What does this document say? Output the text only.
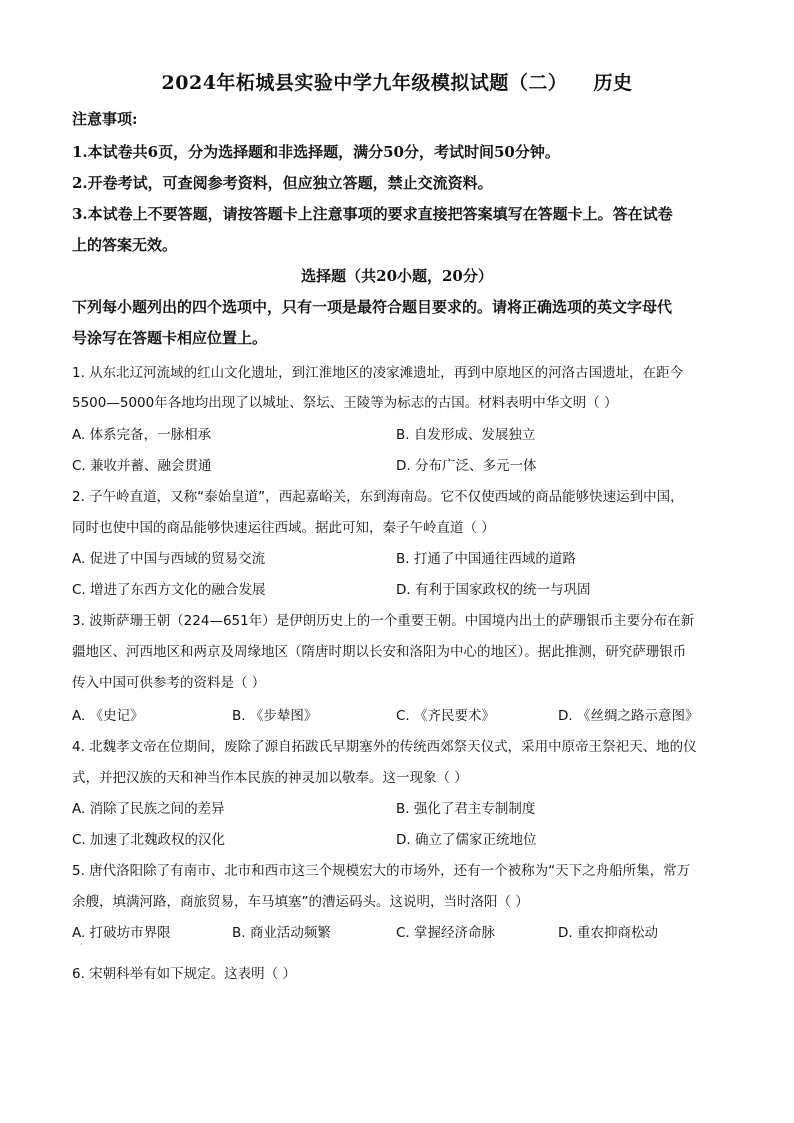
2024年柘城县实验中学九年级模拟试题（二） 历史
注意事项:
1.本试卷共6页，分为选择题和非选择题，满分50分，考试时间50分钟。
2.开卷考试，可查阅参考资料，但应独立答题，禁止交流资料。
3.本试卷上不要答题，请按答题卡上注意事项的要求直接把答案填写在答题卡上。答在试卷
上的答案无效。
选择题（共20小题，20分）
下列每小题列出的四个选项中，只有一项是最符合题目要求的。请将正确选项的英文字母代
号涂写在答题卡相应位置上。
1. 从东北辽河流域的红山文化遗址，到江淮地区的凌家滩遗址，再到中原地区的河洛古国遗址，在距今
5500—5000年各地均出现了以城址、祭坛、王陵等为标志的古国。材料表明中华文明（ ）
A. 体系完备，一脉相承	B. 自发形成、发展独立
C. 兼收并蓄、融会贯通	D. 分布广泛、多元一体
2. 子午岭直道，又称“泰始皇道”，西起嘉峪关，东到海南岛。它不仅使西域的商品能够快速运到中国，
同时也使中国的商品能够快速运往西域。据此可知，秦子午岭直道（ ）
A. 促进了中国与西域的贸易交流	B. 打通了中国通往西域的道路
C. 增进了东西方文化的融合发展	D. 有利于国家政权的统一与巩固
3. 波斯萨珊王朝（224—651年）是伊朗历史上的一个重要王朝。中国境内出土的萨珊银币主要分布在新
疆地区、河西地区和两京及周缘地区（隋唐时期以长安和洛阳为中心的地区）。据此推测，研究萨珊银币
传入中国可供参考的资料是（ ）
A. 《史记》	B. 《步辇图》	C. 《齐民要术》	D. 《丝绸之路示意图》
4. 北魏孝文帝在位期间，废除了源自拓跋氏早期塞外的传统西郊祭天仪式，采用中原帝王祭祀天、地的仪
式，并把汉族的天和神当作本民族的神灵加以敬奉。这一现象（ ）
A. 消除了民族之间的差异	B. 强化了君主专制制度
C. 加速了北魏政权的汉化	D. 确立了儒家正统地位
5. 唐代洛阳除了有南市、北市和西市这三个规模宏大的市场外，还有一个被称为“天下之舟船所集，常万
余艘，填满河路，商旅贸易，车马填塞”的漕运码头。这说明，当时洛阳（ ）
A. 打破坊市界限	B. 商业活动频繁	C. 掌握经济命脉	D. 重农抑商松动
·
6. 宋朝科举有如下规定。这表明（ ）
